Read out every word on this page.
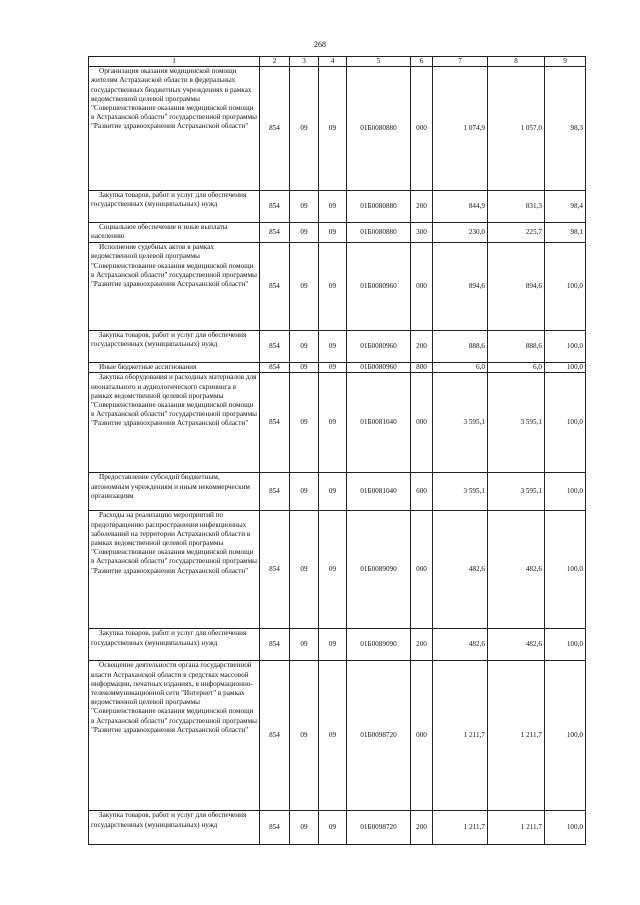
268
1	2	3	4	5	6	7	8	9
Организация оказания медицинской помощи жителям Астраханской области в федеральных государственных бюджетных учреждениях в рамках ведомственной целевой программы "Совершенствование оказания медицинской помощи в Астраханской области" государственной программы "Развитие здравоохранения Астраханской области"	854	09	09	01Б0080880	000	1 074,9	1 057,0	98,3
Закупка товаров, работ и услуг для обеспечения государственных (муниципальных) нужд	854	09	09	01Б0080880	200	844,9	831,3	98,4
Социальное обеспечение и иные выплаты населению	854	09	09	01Б0080880	300	230,0	225,7	98,1
Исполнение судебных актов в рамках ведомственной целевой программы "Совершенствование оказания медицинской помощи в Астраханской области" государственной программы "Развитие здравоохранения Астраханской области"	854	09	09	01Б0080960	000	894,6	894,6	100,0
Закупка товаров, работ и услуг для обеспечения государственных (муниципальных) нужд	854	09	09	01Б0080960	200	888,6	888,6	100,0
Иные бюджетные ассигнования	854	09	09	01Б0080960	800	6,0	6,0	100,0
Закупка оборудования и расходных материалов для неонатального и аудиологического скрининга в рамках ведомственной целевой программы "Совершенствование оказания медицинской помощи в Астраханской области" государственной программы "Развитие здравоохранения Астраханской области"	854	09	09	01Б0081040	000	3 595,1	3 595,1	100,0
Предоставление субсидий бюджетным, автономным учреждениям и иным некоммерческим организациям	854	09	09	01Б0081040	600	3 595,1	3 595,1	100,0
Расходы на реализацию мероприятий по предотвращению распространения инфекционных заболеваний на территории Астраханской области в рамках ведомственной целевой программы "Совершенствование оказания медицинской помощи в Астраханской области" государственной программы "Развитие здравоохранения Астраханской области"	854	09	09	01Б0089090	000	482,6	482,6	100,0
Закупка товаров, работ и услуг для обеспечения государственных (муниципальных) нужд	854	09	09	01Б0089090	200	482,6	482,6	100,0
Освещение деятельности органа государственной власти Астраханской области в средствах массовой информации, печатных изданиях, в информационно-телекоммуникационной сети "Интернет" в рамках ведомственной целевой программы "Совершенствование оказания медицинской помощи в Астраханской области" государственной программы "Развитие здравоохранения Астраханской области"	854	09	09	01Б0098720	000	1 211,7	1 211,7	100,0
Закупка товаров, работ и услуг для обеспечения государственных (муниципальных) нужд	854	09	09	01Б0098720	200	1 211,7	1 211,7	100,0
